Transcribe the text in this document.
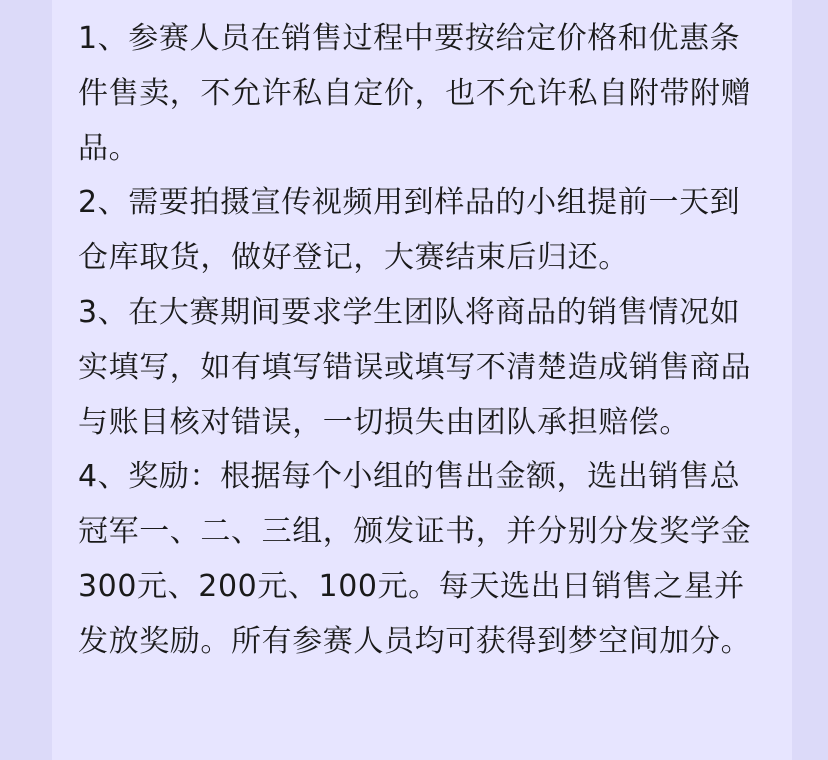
1、参赛人员在销售过程中要按给定价格和优惠条件售卖，不允许私自定价，也不允许私自附带附赠品。

2、需要拍摄宣传视频用到样品的小组提前一天到仓库取货，做好登记，大赛结束后归还。

3、在大赛期间要求学生团队将商品的销售情况如实填写，如有填写错误或填写不清楚造成销售商品与账目核对错误，一切损失由团队承担赔偿。

4、奖励：根据每个小组的售出金额，选出销售总冠军一、二、三组，颁发证书，并分别分发奖学金300元、200元、100元。每天选出日销售之星并发放奖励。所有参赛人员均可获得到梦空间加分。
